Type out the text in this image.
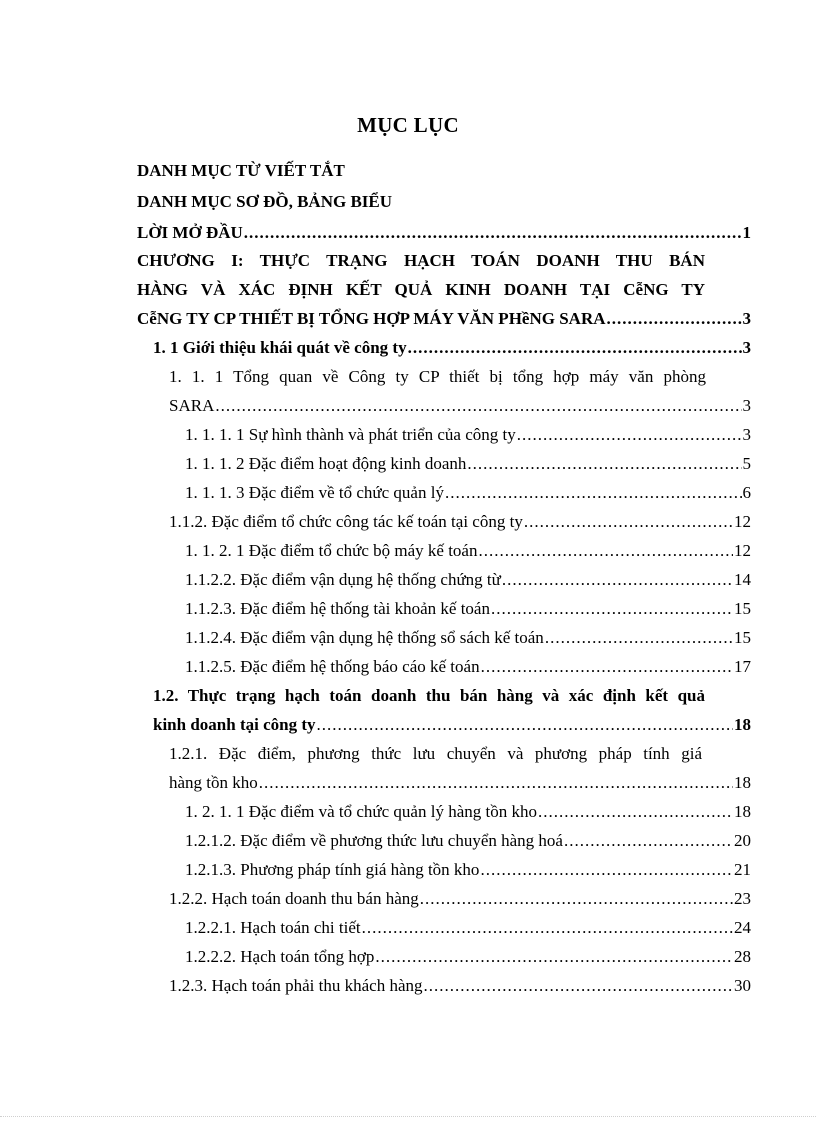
MỤC LỤC
DANH MỤC TỪ VIẾT TẮT
DANH MỤC SƠ ĐỒ, BẢNG BIỂU
LỜI MỞ ĐẦU .....	1
CHƯƠNG I: THỰC TRẠNG HẠCH TOÁN DOANH THU BÁN
HÀNG VÀ XÁC ĐỊNH KẾT QUẢ KINH DOANH TẠI CễNG TY
CễNG TY CP THIẾT BỊ TỔNG HỢP MÁY VĂN PHềNG SARA .....	3
1. 1 Giới thiệu khái quát về công ty .....	3
1. 1. 1 Tổng quan về Công ty CP thiết bị tổng hợp máy văn phòng
SARA .....	3
1. 1. 1. 1 Sự hình thành và phát triển của công ty .....	3
1. 1. 1. 2 Đặc điểm hoạt động kinh doanh .....	5
1. 1. 1. 3 Đặc điểm về tổ chức quản lý .....	6
1.1.2. Đặc điểm tổ chức công tác kế toán tại công ty .....	12
1. 1. 2. 1 Đặc điểm tổ chức bộ máy kế toán .....	12
1.1.2.2. Đặc điểm vận dụng hệ thống chứng từ .....	14
1.1.2.3. Đặc điểm hệ thống tài khoản kế toán .....	15
1.1.2.4. Đặc điểm vận dụng hệ thống sổ sách kế toán .....	15
1.1.2.5. Đặc điểm hệ thống báo cáo kế toán .....	17
1.2. Thực trạng hạch toán doanh thu bán hàng và xác định kết quả
kinh doanh tại công ty .....	18
1.2.1. Đặc điểm, phương thức lưu chuyển và phương pháp tính giá
hàng tồn kho .....	18
1. 2. 1. 1 Đặc điểm và tổ chức quản lý hàng tồn kho .....	18
1.2.1.2. Đặc điểm về phương thức lưu chuyển hàng hoá .....	20
1.2.1.3. Phương pháp tính giá hàng tồn kho .....	21
1.2.2. Hạch toán doanh thu bán hàng .....	23
1.2.2.1. Hạch toán chi tiết .....	24
1.2.2.2. Hạch toán tổng hợp .....	28
1.2.3. Hạch toán phải thu khách hàng .....	30
